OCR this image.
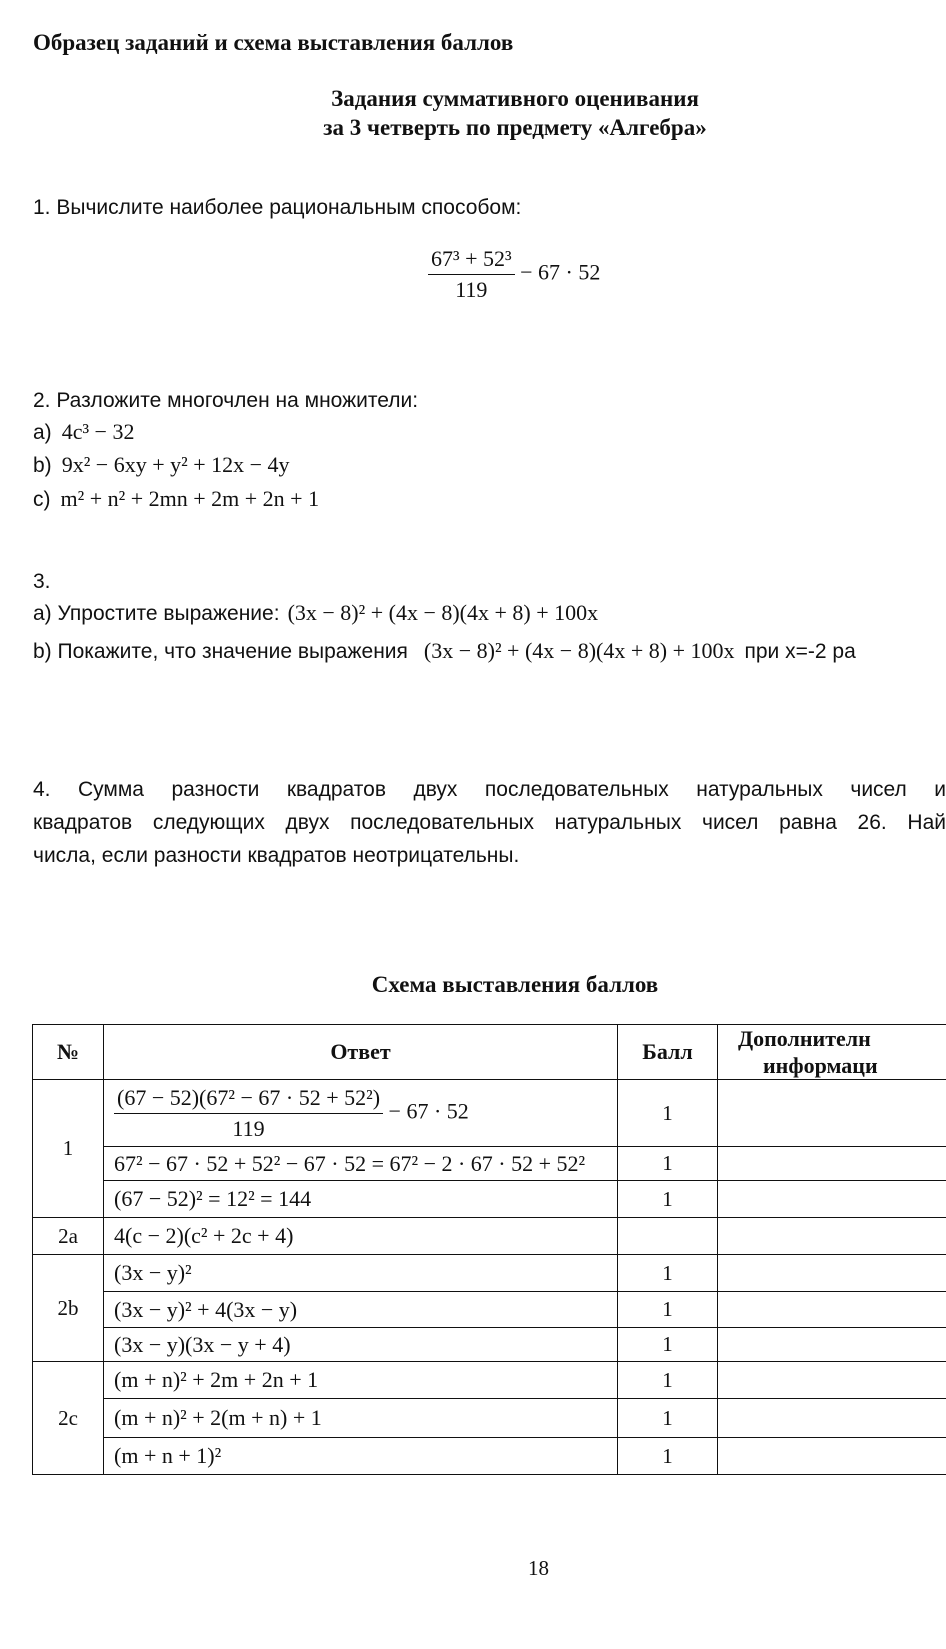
Образец заданий и схема выставления баллов
Задания суммативного оценивания
за 3 четверть по предмету «Алгебра»
1. Вычислите наиболее рациональным способом:
$\frac{\text{67³ + 52³}}{119} - 67 \cdot 52$
2. Разложите многочлен на множители:
a) 4c³ − 32
b) 9x² − 6xy + y² + 12x − 4y
c) m² + n² + 2mn + 2m + 2n + 1
3.
a) Упростите выражение: (3x − 8)² + (4x − 8)(4x + 8) + 100x
b) Покажите, что значение выражения (3x − 8)² + (4x − 8)(4x + 8) + 100x при x=-2 ра
4. Сумма разности квадратов двух последовательных натуральных чисел и
квадратов следующих двух последовательных натуральных чисел равна 26. Най
числа, если разности квадратов неотрицательны.
Схема выставления баллов
№	Ответ	Балл	Дополнителн
информаци
1	$\frac{\text{(67 − 52)(67² − 67 · 52 + 52²)}}{119} - 67 \cdot 52$	1	
	67² − 67 · 52 + 52² − 67 · 52 = 67² − 2 · 67 · 52 + 52²	1	
	(67 − 52)² = 12² = 144	1	
2a	4(c − 2)(c² + 2c + 4)		
2b	(3x − y)²	1	
	(3x − y)² + 4(3x − y)	1	
	(3x − y)(3x − y + 4)	1	
2c	(m + n)² + 2m + 2n + 1	1	
	(m + n)² + 2(m + n) + 1	1	
	(m + n + 1)²	1	
18
